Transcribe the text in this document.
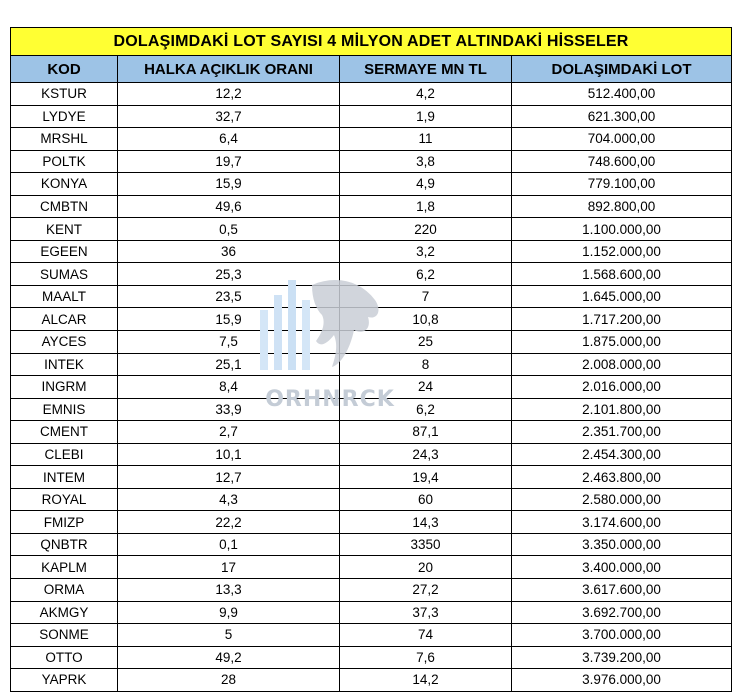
DOLAŞIMDAKİ LOT SAYISI 4 MİLYON ADET ALTINDAKİ HİSSELER			
KOD	HALKA AÇIKLIK ORANI	SERMAYE MN TL	DOLAŞIMDAKİ LOT
KSTUR	12,2	4,2	512.400,00
LYDYE	32,7	1,9	621.300,00
MRSHL	6,4	11	704.000,00
POLTK	19,7	3,8	748.600,00
KONYA	15,9	4,9	779.100,00
CMBTN	49,6	1,8	892.800,00
KENT	0,5	220	1.100.000,00
EGEEN	36	3,2	1.152.000,00
SUMAS	25,3	6,2	1.568.600,00
MAALT	23,5	7	1.645.000,00
ALCAR	15,9	10,8	1.717.200,00
AYCES	7,5	25	1.875.000,00
INTEK	25,1	8	2.008.000,00
INGRM	8,4	24	2.016.000,00
EMNIS	33,9	6,2	2.101.800,00
CMENT	2,7	87,1	2.351.700,00
CLEBI	10,1	24,3	2.454.300,00
INTEM	12,7	19,4	2.463.800,00
ROYAL	4,3	60	2.580.000,00
FMIZP	22,2	14,3	3.174.600,00
QNBTR	0,1	3350	3.350.000,00
KAPLM	17	20	3.400.000,00
ORMA	13,3	27,2	3.617.600,00
AKMGY	9,9	37,3	3.692.700,00
SONME	5	74	3.700.000,00
OTTO	49,2	7,6	3.739.200,00
YAPRK	28	14,2	3.976.000,00
ORHNRCK
